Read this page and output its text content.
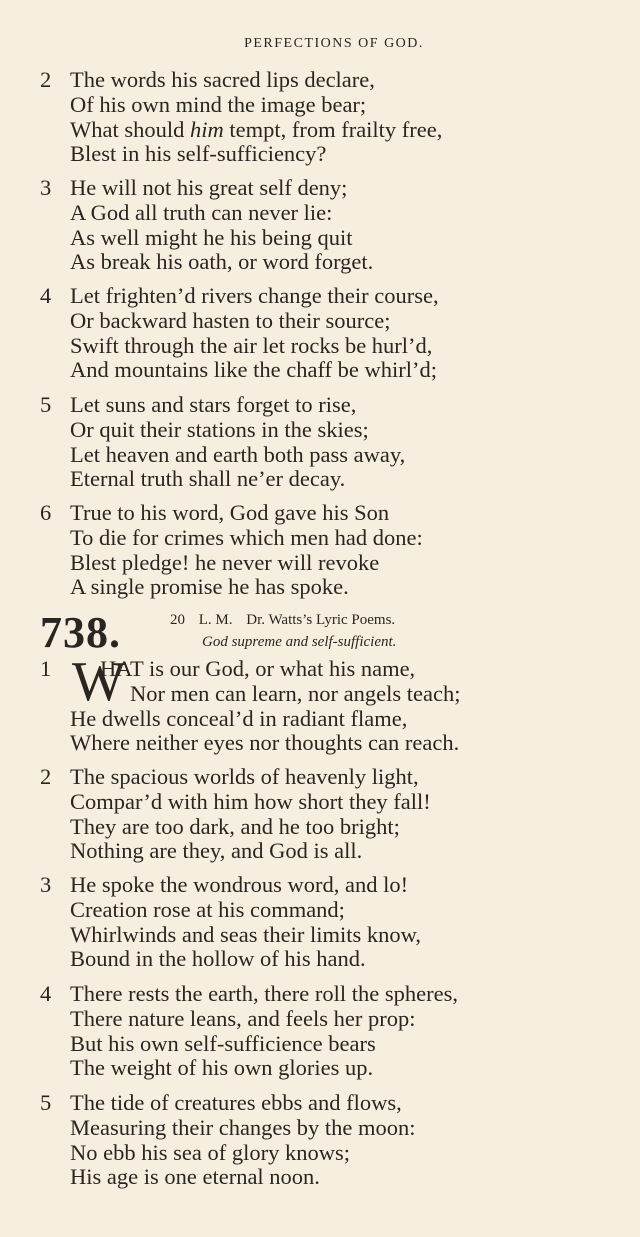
PERFECTIONS OF GOD.
2 The words his sacred lips declare,
Of his own mind the image bear;
What should him tempt, from frailty free,
Blest in his self-sufficiency?
3 He will not his great self deny;
A God all truth can never lie:
As well might he his being quit
As break his oath, or word forget.
4 Let frighten’d rivers change their course,
Or backward hasten to their source;
Swift through the air let rocks be hurl’d,
And mountains like the chaff be whirl’d;
5 Let suns and stars forget to rise,
Or quit their stations in the skies;
Let heaven and earth both pass away,
Eternal truth shall ne’er decay.
6 True to his word, God gave his Son
To die for crimes which men had done:
Blest pledge! he never will revoke
A single promise he has spoke.
738.	20 L. M. Dr. Watts’s Lyric Poems.
God supreme and self-sufficient.
1 HAT is our God, or what his name,
Nor men can learn, nor angels teach;
He dwells conceal’d in radiant flame,
Where neither eyes nor thoughts can reach.
W
2 The spacious worlds of heavenly light,
Compar’d with him how short they fall!
They are too dark, and he too bright;
Nothing are they, and God is all.
3 He spoke the wondrous word, and lo!
Creation rose at his command;
Whirlwinds and seas their limits know,
Bound in the hollow of his hand.
4 There rests the earth, there roll the spheres,
There nature leans, and feels her prop:
But his own self-sufficience bears
The weight of his own glories up.
5 The tide of creatures ebbs and flows,
Measuring their changes by the moon:
No ebb his sea of glory knows;
His age is one eternal noon.
